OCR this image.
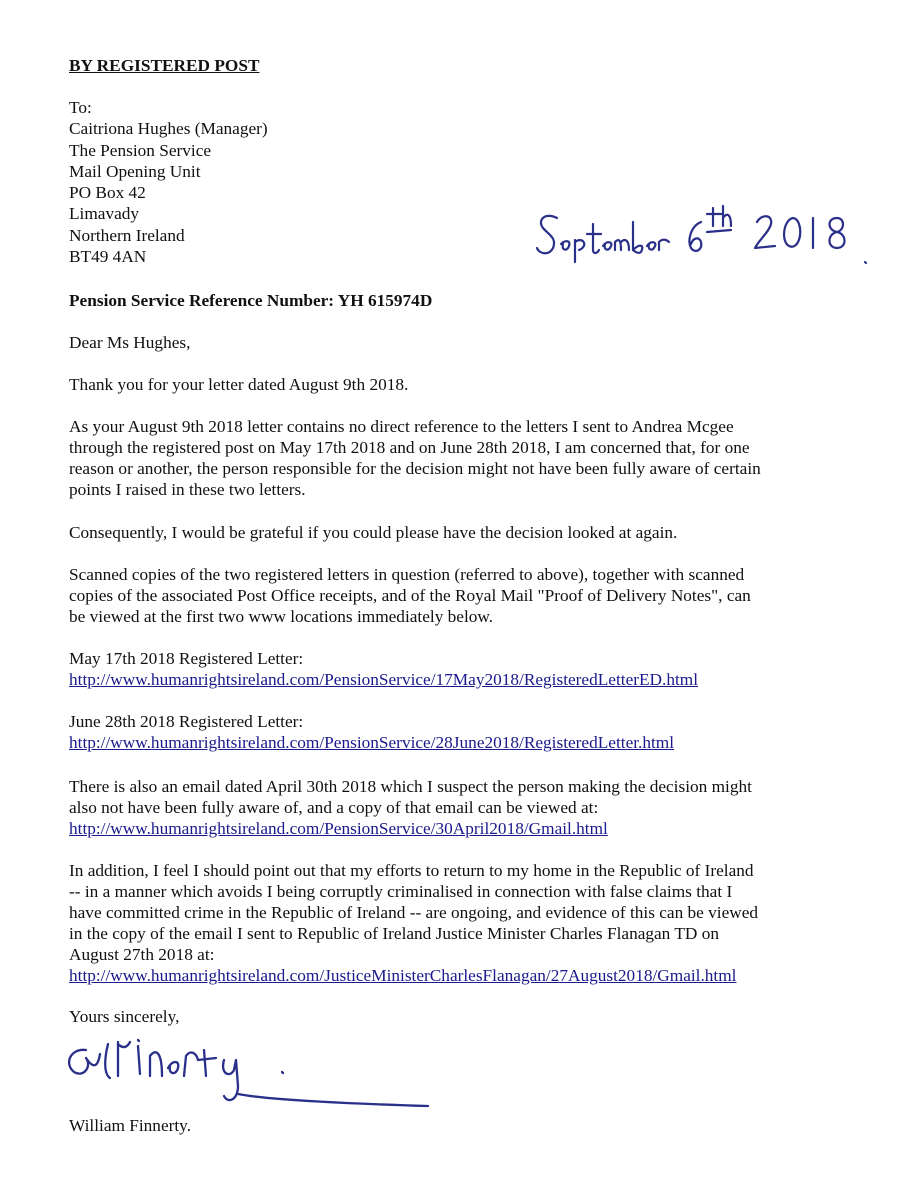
BY REGISTERED POST
To:
Caitriona Hughes (Manager)
The Pension Service
Mail Opening Unit
PO Box 42
Limavady
Northern Ireland
BT49 4AN
Pension Service Reference Number: YH 615974D
Dear Ms Hughes,
Thank you for your letter dated August 9th 2018.
As your August 9th 2018 letter contains no direct reference to the letters I sent to Andrea Mcgee
through the registered post on May 17th 2018 and on June 28th 2018, I am concerned that, for one
reason or another, the person responsible for the decision might not have been fully aware of certain
points I raised in these two letters.
Consequently, I would be grateful if you could please have the decision looked at again.
Scanned copies of the two registered letters in question (referred to above), together with scanned
copies of the associated Post Office receipts, and of the Royal Mail "Proof of Delivery Notes", can
be viewed at the first two www locations immediately below.
May 17th 2018 Registered Letter:
http://www.humanrightsireland.com/PensionService/17May2018/RegisteredLetterED.html
June 28th 2018 Registered Letter:
http://www.humanrightsireland.com/PensionService/28June2018/RegisteredLetter.html
There is also an email dated April 30th 2018 which I suspect the person making the decision might
also not have been fully aware of, and a copy of that email can be viewed at:
http://www.humanrightsireland.com/PensionService/30April2018/Gmail.html
In addition, I feel I should point out that my efforts to return to my home in the Republic of Ireland
-- in a manner which avoids I being corruptly criminalised in connection with false claims that I
have committed crime in the Republic of Ireland -- are ongoing, and evidence of this can be viewed
in the copy of the email I sent to Republic of Ireland Justice Minister Charles Flanagan TD on
August 27th 2018 at:
http://www.humanrightsireland.com/JusticeMinisterCharlesFlanagan/27August2018/Gmail.html
Yours sincerely,
William Finnerty.
